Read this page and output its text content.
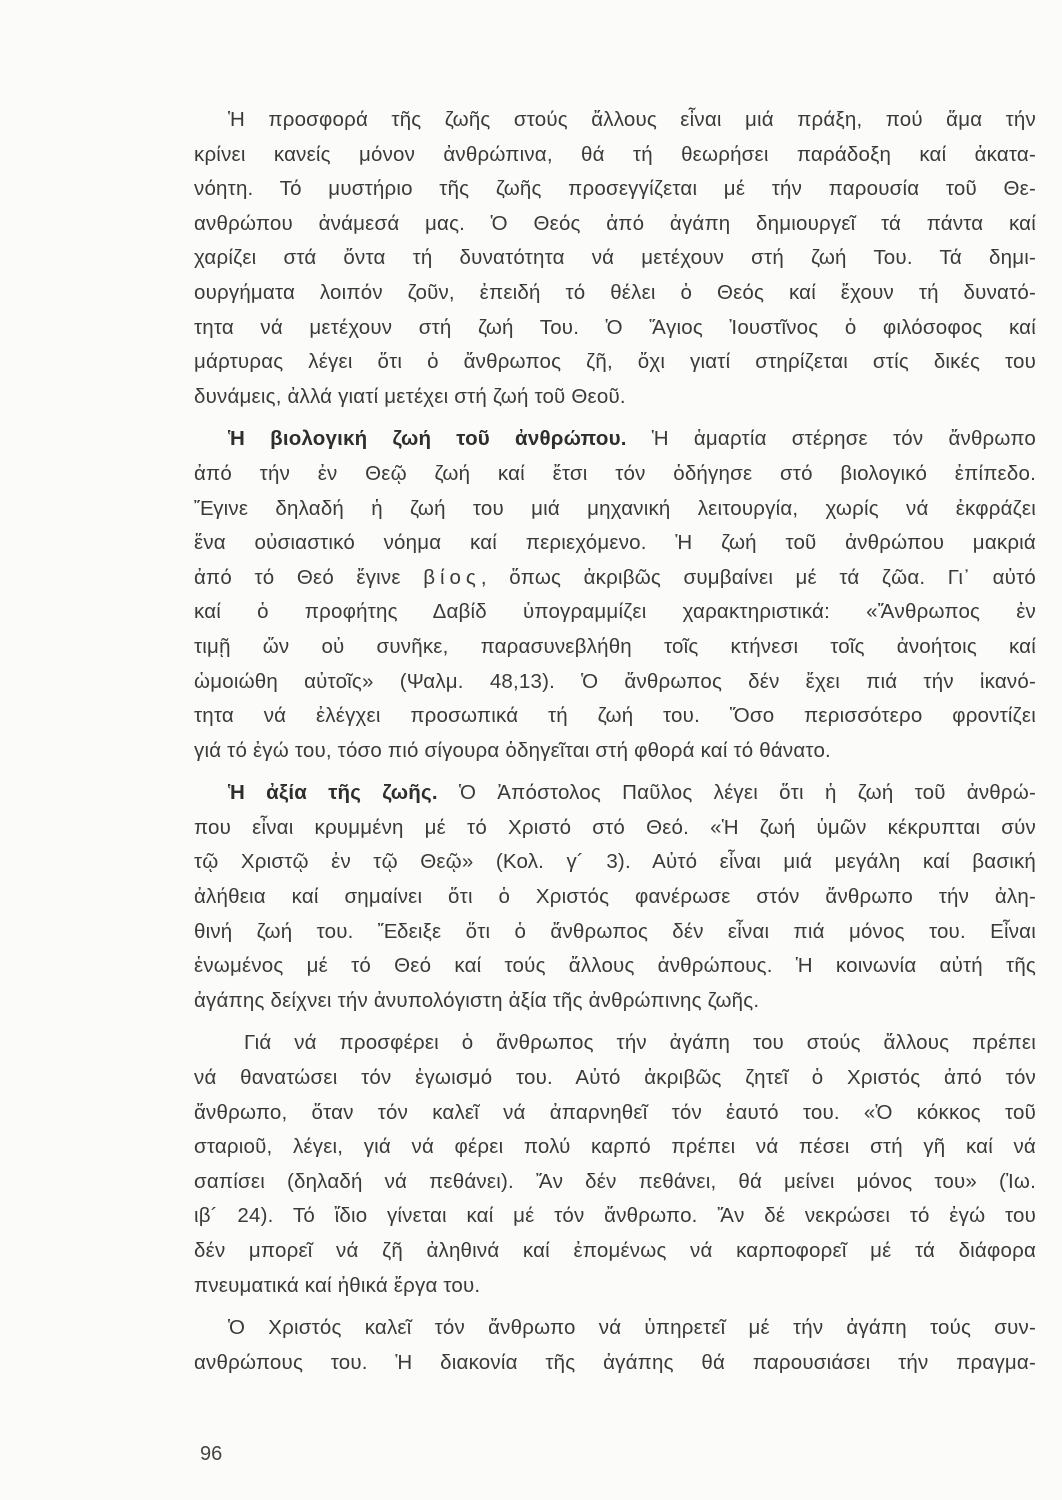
Ἡ προσφορά τῆς ζωῆς στούς ἄλλους εἶναι μιά πράξη, πού ἅμα τήν
κρίνει κανείς μόνον ἀνθρώπινα, θά τή θεωρήσει παράδοξη καί ἀκατα-
νόητη. Τό μυστήριο τῆς ζωῆς προσεγγίζεται μέ τήν παρουσία τοῦ Θε-
ανθρώπου ἀνάμεσά μας. Ὁ Θεός ἀπό ἀγάπη δημιουργεῖ τά πάντα καί
χαρίζει στά ὄντα τή δυνατότητα νά μετέχουν στή ζωή Του. Τά δημι-
ουργήματα λοιπόν ζοῦν, ἐπειδή τό θέλει ὁ Θεός καί ἔχουν τή δυνατό-
τητα νά μετέχουν στή ζωή Του. Ὁ Ἅγιος Ἰουστῖνος ὁ φιλόσοφος καί
μάρτυρας λέγει ὅτι ὁ ἄνθρωπος ζῆ, ὄχι γιατί στηρίζεται στίς δικές του
δυνάμεις, ἀλλά γιατί μετέχει στή ζωή τοῦ Θεοῦ.
Ἡ βιολογική ζωή τοῦ ἀνθρώπου. Ἡ ἁμαρτία στέρησε τόν ἄνθρωπο
ἀπό τήν ἐν Θεῷ ζωή καί ἔτσι τόν ὁδήγησε στό βιολογικό ἐπίπεδο.
Ἔγινε δηλαδή ἡ ζωή του μιά μηχανική λειτουργία, χωρίς νά ἐκφράζει
ἕνα οὐσιαστικό νόημα καί περιεχόμενο. Ἡ ζωή τοῦ ἀνθρώπου μακριά
ἀπό τό Θεό ἔγινε βίος, ὅπως ἀκριβῶς συμβαίνει μέ τά ζῶα. Γι᾿ αὐτό
καί ὁ προφήτης Δαβίδ ὑπογραμμίζει χαρακτηριστικά: «Ἄνθρωπος ἐν
τιμῇ ὤν οὐ συνῆκε, παρασυνεβλήθη τοῖς κτήνεσι τοῖς ἀνοήτοις καί
ὡμοιώθη αὐτοῖς» (Ψαλμ. 48,13). Ὁ ἄνθρωπος δέν ἔχει πιά τήν ἱκανό-
τητα νά ἐλέγχει προσωπικά τή ζωή του. Ὅσο περισσότερο φροντίζει
γιά τό ἐγώ του, τόσο πιό σίγουρα ὁδηγεῖται στή φθορά καί τό θάνατο.
Ἡ ἀξία τῆς ζωῆς. Ὁ Ἀπόστολος Παῦλος λέγει ὅτι ἡ ζωή τοῦ ἀνθρώ-
που εἶναι κρυμμένη μέ τό Χριστό στό Θεό. «Ἡ ζωή ὑμῶν κέκρυπται σύν
τῷ Χριστῷ ἐν τῷ Θεῷ» (Κολ. γ´ 3). Αὐτό εἶναι μιά μεγάλη καί βασική
ἀλήθεια καί σημαίνει ὅτι ὁ Χριστός φανέρωσε στόν ἄνθρωπο τήν ἀλη-
θινή ζωή του. Ἔδειξε ὅτι ὁ ἄνθρωπος δέν εἶναι πιά μόνος του. Εἶναι
ἑνωμένος μέ τό Θεό καί τούς ἄλλους ἀνθρώπους. Ἡ κοινωνία αὐτή τῆς
ἀγάπης δείχνει τήν ἀνυπολόγιστη ἀξία τῆς ἀνθρώπινης ζωῆς.
Γιά νά προσφέρει ὁ ἄνθρωπος τήν ἀγάπη του στούς ἄλλους πρέπει
νά θανατώσει τόν ἐγωισμό του. Αὐτό ἀκριβῶς ζητεῖ ὁ Χριστός ἀπό τόν
ἄνθρωπο, ὅταν τόν καλεῖ νά ἀπαρνηθεῖ τόν ἑαυτό του. «Ὁ κόκκος τοῦ
σταριοῦ, λέγει, γιά νά φέρει πολύ καρπό πρέπει νά πέσει στή γῆ καί νά
σαπίσει (δηλαδή νά πεθάνει). Ἄν δέν πεθάνει, θά μείνει μόνος του» (Ἰω.
ιβ´ 24). Τό ἴδιο γίνεται καί μέ τόν ἄνθρωπο. Ἄν δέ νεκρώσει τό ἐγώ του
δέν μπορεῖ νά ζῆ ἀληθινά καί ἐπομένως νά καρποφορεῖ μέ τά διάφορα
πνευματικά καί ἠθικά ἔργα του.
Ὁ Χριστός καλεῖ τόν ἄνθρωπο νά ὑπηρετεῖ μέ τήν ἀγάπη τούς συν-
ανθρώπους του. Ἡ διακονία τῆς ἀγάπης θά παρουσιάσει τήν πραγμα-
96
